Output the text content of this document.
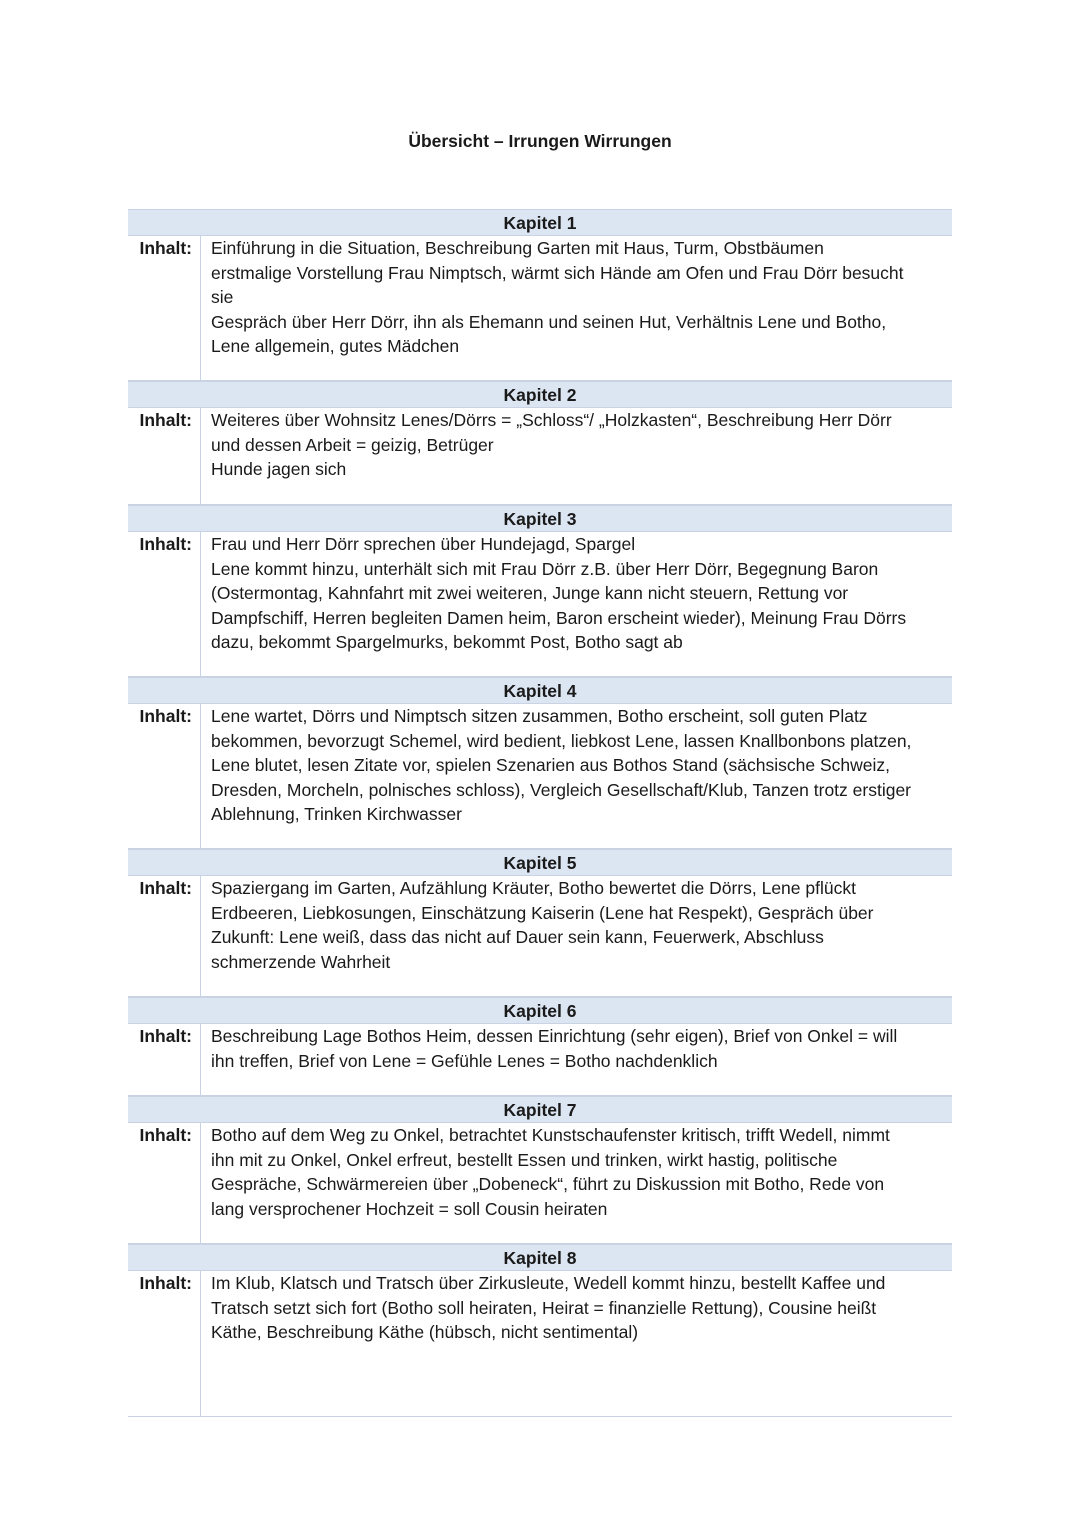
Übersicht – Irrungen Wirrungen
Kapitel 1
Inhalt:	Einführung in die Situation, Beschreibung Garten mit Haus, Turm, Obstbäumen
erstmalige Vorstellung Frau Nimptsch, wärmt sich Hände am Ofen und Frau Dörr besucht
sie
Gespräch über Herr Dörr, ihn als Ehemann und seinen Hut, Verhältnis Lene und Botho,
Lene allgemein, gutes Mädchen
Kapitel 2
Inhalt:	Weiteres über Wohnsitz Lenes/Dörrs = „Schloss“/ „Holzkasten“, Beschreibung Herr Dörr
und dessen Arbeit = geizig, Betrüger
Hunde jagen sich
Kapitel 3
Inhalt:	Frau und Herr Dörr sprechen über Hundejagd, Spargel
Lene kommt hinzu, unterhält sich mit Frau Dörr z.B. über Herr Dörr, Begegnung Baron
(Ostermontag, Kahnfahrt mit zwei weiteren, Junge kann nicht steuern, Rettung vor
Dampfschiff, Herren begleiten Damen heim, Baron erscheint wieder), Meinung Frau Dörrs
dazu, bekommt Spargelmurks, bekommt Post, Botho sagt ab
Kapitel 4
Inhalt:	Lene wartet, Dörrs und Nimptsch sitzen zusammen, Botho erscheint, soll guten Platz
bekommen, bevorzugt Schemel, wird bedient, liebkost Lene, lassen Knallbonbons platzen,
Lene blutet, lesen Zitate vor, spielen Szenarien aus Bothos Stand (sächsische Schweiz,
Dresden, Morcheln, polnisches schloss), Vergleich Gesellschaft/Klub, Tanzen trotz erstiger
Ablehnung, Trinken Kirchwasser
Kapitel 5
Inhalt:	Spaziergang im Garten, Aufzählung Kräuter, Botho bewertet die Dörrs, Lene pflückt
Erdbeeren, Liebkosungen, Einschätzung Kaiserin (Lene hat Respekt), Gespräch über
Zukunft: Lene weiß, dass das nicht auf Dauer sein kann, Feuerwerk, Abschluss
schmerzende Wahrheit
Kapitel 6
Inhalt:	Beschreibung Lage Bothos Heim, dessen Einrichtung (sehr eigen), Brief von Onkel = will
ihn treffen, Brief von Lene = Gefühle Lenes = Botho nachdenklich
Kapitel 7
Inhalt:	Botho auf dem Weg zu Onkel, betrachtet Kunstschaufenster kritisch, trifft Wedell, nimmt
ihn mit zu Onkel, Onkel erfreut, bestellt Essen und trinken, wirkt hastig, politische
Gespräche, Schwärmereien über „Dobeneck“, führt zu Diskussion mit Botho, Rede von
lang versprochener Hochzeit = soll Cousin heiraten
Kapitel 8
Inhalt:	Im Klub, Klatsch und Tratsch über Zirkusleute, Wedell kommt hinzu, bestellt Kaffee und
Tratsch setzt sich fort (Botho soll heiraten, Heirat = finanzielle Rettung), Cousine heißt
Käthe, Beschreibung Käthe (hübsch, nicht sentimental)
